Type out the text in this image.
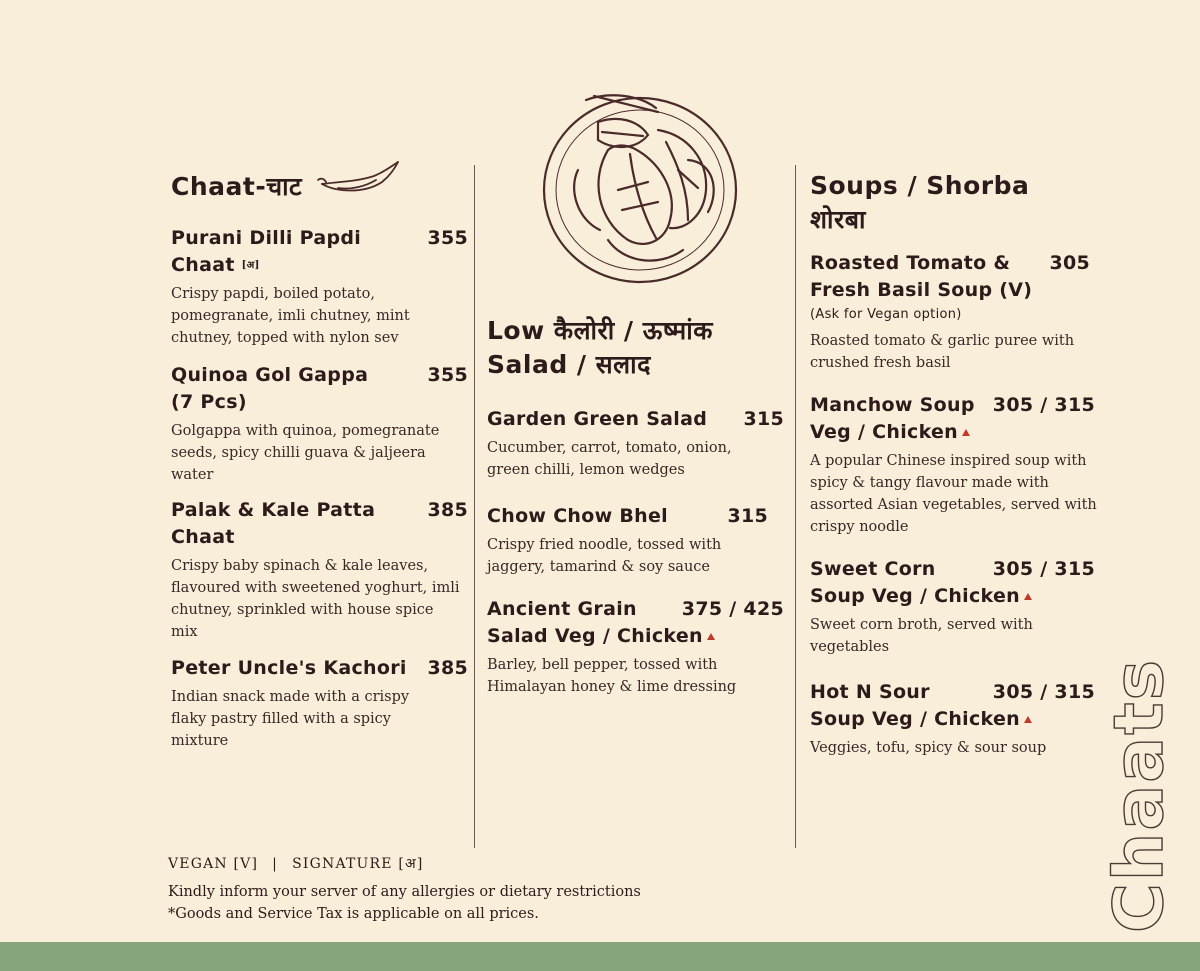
Chaat-चाट
Purani Dilli Papdi
Chaat [अ]
355
Crispy papdi, boiled potato, pomegranate, imli chutney, mint chutney, topped with nylon sev
Quinoa Gol Gappa
(7 Pcs)
355
Golgappa with quinoa, pomegranate seeds, spicy chilli guava & jaljeera water
Palak & Kale Patta
Chaat
385
Crispy baby spinach & kale leaves, flavoured with sweetened yoghurt, imli chutney, sprinkled with house spice mix
Peter Uncle's Kachori	385
Indian snack made with a crispy flaky pastry filled with a spicy mixture
Low कैलोरी / ऊष्मांक
Salad / सलाद
Garden Green Salad	315
Cucumber, carrot, tomato, onion, green chilli, lemon wedges
Chow Chow Bhel	315
Crispy fried noodle, tossed with jaggery, tamarind & soy sauce
Ancient Grain
Salad Veg / Chicken
375 / 425
Barley, bell pepper, tossed with Himalayan honey & lime dressing
Soups / Shorba
शोरबा
Roasted Tomato &
Fresh Basil Soup (V)
(Ask for Vegan option)
305
Roasted tomato & garlic puree with crushed fresh basil
Manchow Soup
Veg / Chicken
305 / 315
A popular Chinese inspired soup with spicy & tangy flavour made with assorted Asian vegetables, served with crispy noodle
Sweet Corn
Soup Veg / Chicken
305 / 315
Sweet corn broth, served with vegetables
Hot N Sour
Soup Veg / Chicken
305 / 315
Veggies, tofu, spicy & sour soup
VEGAN [V] | SIGNATURE [अ]
Kindly inform your server of any allergies or dietary restrictions
*Goods and Service Tax is applicable on all prices.	Chaats
